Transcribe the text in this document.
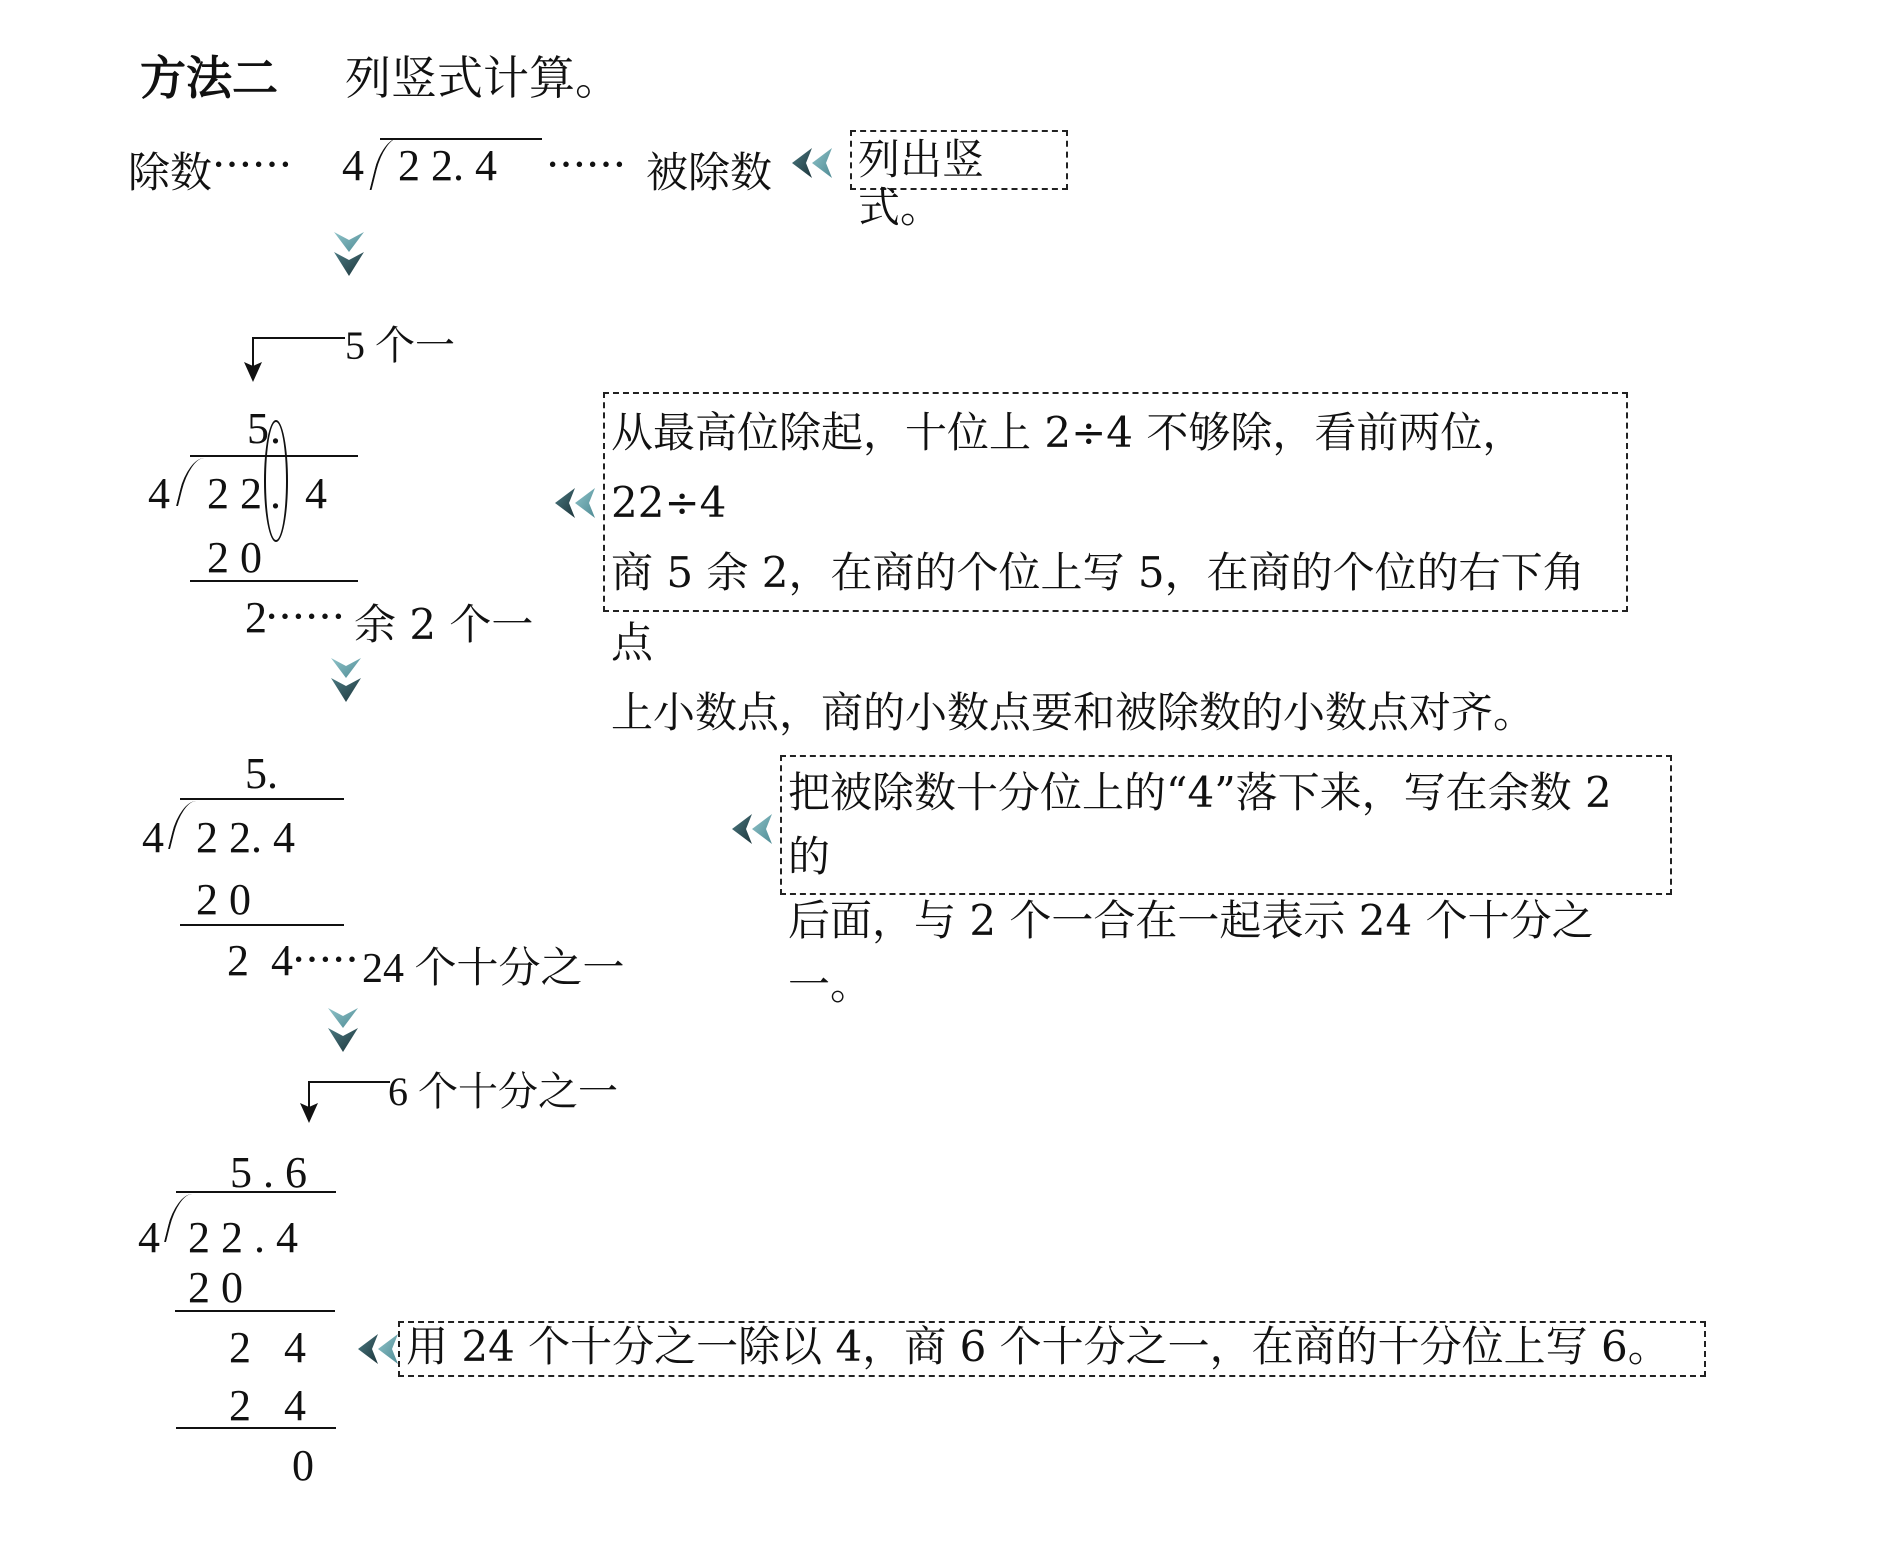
方法二 列竖式计算。
除数 ······ 4 2 2. 4 ······ 被除数 列出竖式。
5 个一
5 .
4 2 2 . 4
2 0
2
······ 余 2 个一
从最高位除起，十位上 2÷4 不够除，看前两位，22÷4
商 5 余 2，在商的个位上写 5，在商的个位的右下角点
上小数点，商的小数点要和被除数的小数点对齐。
5.
4 2 2. 4
2 0
2  4 ····· 24 个十分之一
把被除数十分位上的“4”落下来，写在余数 2 的
后面，与 2 个一合在一起表示 24 个十分之一。
6 个十分之一
5 . 6
4 2 2 . 4
2 0
2   4
2   4
0
用 24 个十分之一除以 4，商 6 个十分之一，在商的十分位上写 6。
